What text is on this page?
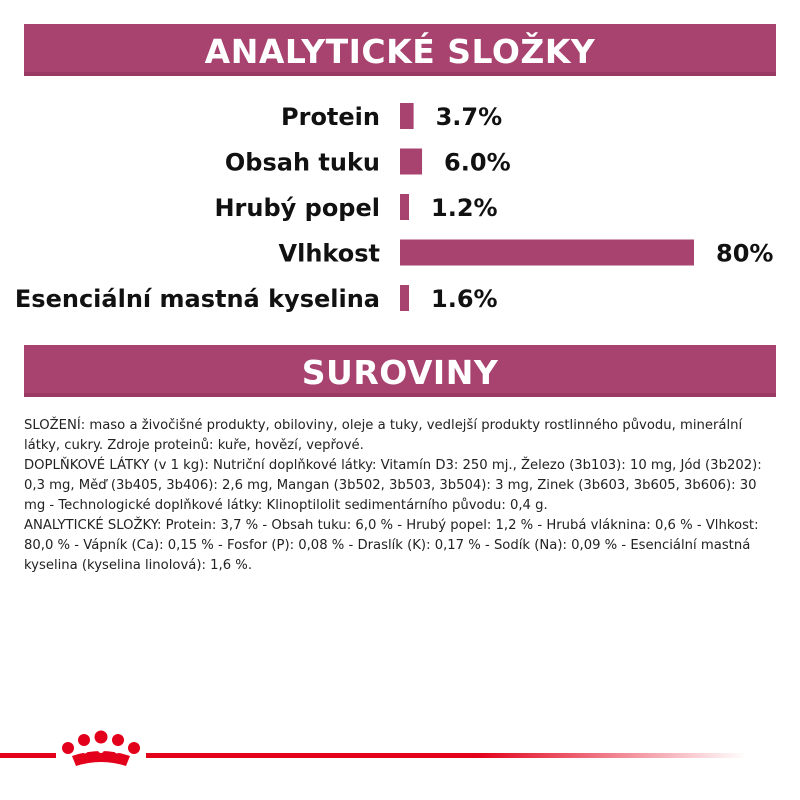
ANALYTICKÉ SLOŽKY
Protein
Obsah tuku
Hrubý popel
Vlhkost
Esenciální mastná kyselina
3.7%
6.0%
1.2%
80%
1.6%
SUROVINY

SLOŽENÍ: maso a živočišné produkty, obiloviny, oleje a tuky, vedlejší produkty rostlinného původu, minerální látky, cukry. Zdroje proteinů: kuře, hovězí, vepřové.

DOPLŇKOVÉ LÁTKY (v 1 kg): Nutriční doplňkové látky: Vitamín D3: 250 mj., Železo (3b103): 10 mg, Jód (3b202): 0,3 mg, Měď (3b405, 3b406): 2,6 mg, Mangan (3b502, 3b503, 3b504): 3 mg, Zinek (3b603, 3b605, 3b606): 30 mg - Technologické doplňkové látky: Klinoptilolit sedimentárního původu: 0,4 g.

ANALYTICKÉ SLOŽKY: Protein: 3,7 % - Obsah tuku: 6,0 % - Hrubý popel: 1,2 % - Hrubá vláknina: 0,6 % - Vlhkost: 80,0 % - Vápník (Ca): 0,15 % - Fosfor (P): 0,08 % - Draslík (K): 0,17 % - Sodík (Na): 0,09 % - Esenciální mastná kyselina (kyselina linolová): 1,6 %.
